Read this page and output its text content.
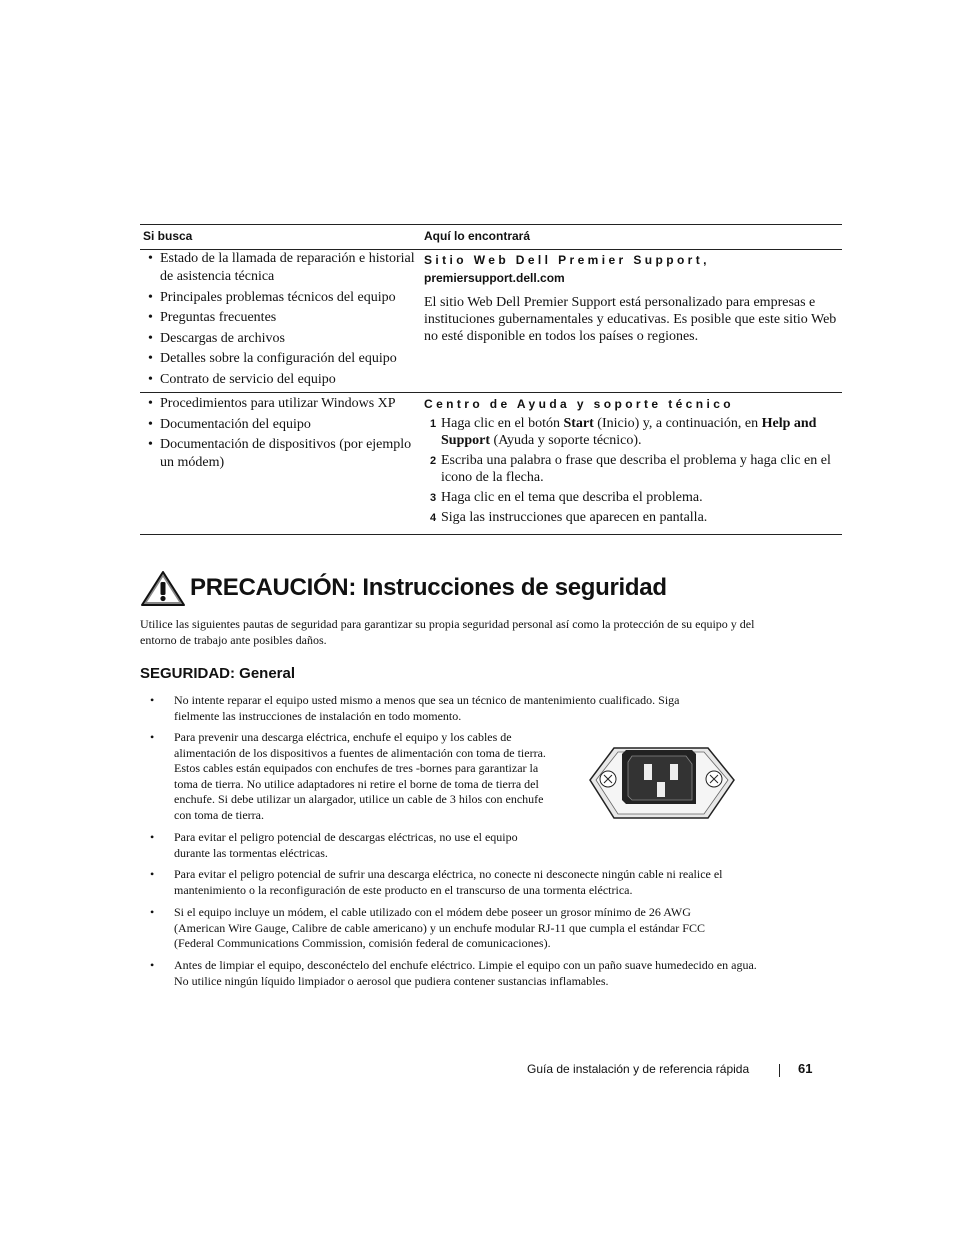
Si busca	Aquí lo encontrará
• Estado de la llamada de reparación e historial de asistencia técnica
• Principales problemas técnicos del equipo
• Preguntas frecuentes
• Descargas de archivos
• Detalles sobre la configuración del equipo
• Contrato de servicio del equipo
Sitio Web Dell Premier Support,
premiersupport.dell.com
El sitio Web Dell Premier Support está personalizado para empresas e instituciones gubernamentales y educativas. Es posible que este sitio Web no esté disponible en todos los países o regiones.
• Procedimientos para utilizar Windows XP
• Documentación del equipo
• Documentación de dispositivos (por ejemplo un módem)
Centro de Ayuda y soporte técnico
1 Haga clic en el botón Start (Inicio) y, a continuación, en Help and Support (Ayuda y soporte técnico).
2 Escriba una palabra o frase que describa el problema y haga clic en el icono de la flecha.
3 Haga clic en el tema que describa el problema.
4 Siga las instrucciones que aparecen en pantalla.
PRECAUCIÓN: Instrucciones de seguridad
Utilice las siguientes pautas de seguridad para garantizar su propia seguridad personal así como la protección de su equipo y del entorno de trabajo ante posibles daños.
SEGURIDAD: General
• No intente reparar el equipo usted mismo a menos que sea un técnico de mantenimiento cualificado. Siga fielmente las instrucciones de instalación en todo momento.
• Para prevenir una descarga eléctrica, enchufe el equipo y los cables de alimentación de los dispositivos a fuentes de alimentación con toma de tierra. Estos cables están equipados con enchufes de tres -bornes para garantizar la toma de tierra. No utilice adaptadores ni retire el borne de toma de tierra del enchufe. Si debe utilizar un alargador, utilice un cable de 3 hilos con enchufe con toma de tierra.
• Para evitar el peligro potencial de descargas eléctricas, no use el equipo durante las tormentas eléctricas.
• Para evitar el peligro potencial de sufrir una descarga eléctrica, no conecte ni desconecte ningún cable ni realice el mantenimiento o la reconfiguración de este producto en el transcurso de una tormenta eléctrica.
• Si el equipo incluye un módem, el cable utilizado con el módem debe poseer un grosor mínimo de 26 AWG (American Wire Gauge, Calibre de cable americano) y un enchufe modular RJ-11 que cumpla el estándar FCC (Federal Communications Commission, comisión federal de comunicaciones).
• Antes de limpiar el equipo, desconéctelo del enchufe eléctrico. Limpie el equipo con un paño suave humedecido en agua. No utilice ningún líquido limpiador o aerosol que pudiera contener sustancias inflamables.
Guía de instalación y de referencia rápida	61
